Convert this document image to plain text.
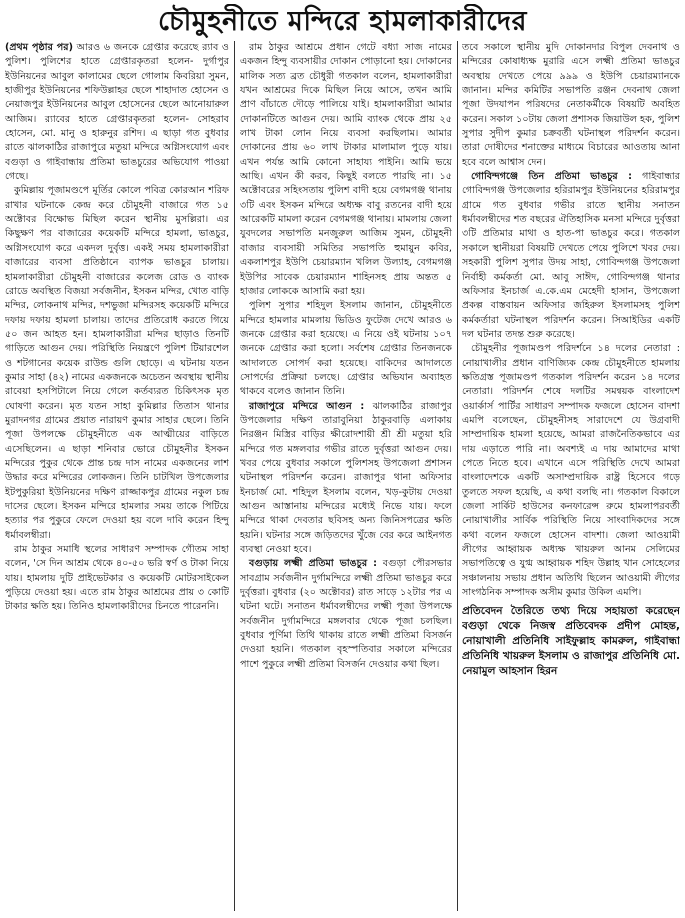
চৌমুহনীতে মন্দিরে হামলাকারীদের

(প্রথম পৃষ্ঠার পর) আরও ৬ জনকে গ্রেপ্তার করেছে র‌্যাব ও পুলিশ। পুলিশের হাতে গ্রেপ্তারকৃতরা হলেন- দুর্গাপুর ইউনিয়নের আবুল কালামের ছেলে গোলাম কিবরিয়া সুমন, হাজীপুর ইউনিয়নের শফিউল্লাহর ছেলে শাহাদাত হোসেন ও নেয়াজপুর ইউনিয়নের আবুল হোসেনের ছেলে আনোয়ারুল আজিম। র‌্যাবের হাতে গ্রেপ্তারকৃতরা হলেন- সোহরাব হোসেন, মো. মানু ও হারুনুর রশিদ। এ ছাড়া গত বুধবার রাতে ঝালকাঠির রাজাপুরে মতুয়া মন্দিরে অগ্নিসংযোগ এবং বগুড়া ও গাইবান্ধায় প্রতিমা ভাঙচুরের অভিযোগ পাওয়া গেছে।

কুমিল্লায় পূজামণ্ডপে মূর্তির কোলে পবিত্র কোরআন শরিফ রাখার ঘটনাকে কেন্দ্র করে চৌমুহনী বাজারে গত ১৫ অক্টোবর বিক্ষোভ মিছিল করেন স্থানীয় মুসল্লিরা। এর কিছুক্ষণ পর বাজারের কয়েকটি মন্দিরে হামলা, ভাঙচুর, অগ্নিসংযোগ করে একদল দুর্বৃত্ত। একই সময় হামলাকারীরা বাজারের ব্যবসা প্রতিষ্ঠানে ব্যাপক ভাঙচুর চালায়। হামলাকারীরা চৌমুহনী বাজারের কলেজ রোড ও ব্যাংক রোডে অবস্থিত বিজয়া সর্বজনীন, ইসকন মন্দির, খোত বাড়ি মন্দির, লোকনাথ মন্দির, দশভুজা মন্দিরসহ কয়েকটি মন্দিরে দফায় দফায় হামলা চালায়। তাদের প্রতিরোধ করতে গিয়ে ৫০ জন আহত হন। হামলাকারীরা মন্দির ছাড়াও তিনটি গাড়িতে আগুন দেয়। পরিস্থিতি নিয়ন্ত্রণে পুলিশ টিয়ারশেল ও শটগানের কয়েক রাউন্ড গুলি ছোড়ে। এ ঘটনায় যতন কুমার সাহা (৪২) নামের একজনকে অচেতন অবস্থায় স্থানীয় রাবেয়া হসপিটালে নিয়ে গেলে কর্তব্যরত চিকিৎসক মৃত ঘোষণা করেন। মৃত যতন সাহা কুমিল্লার তিতাস থানার মুরাদনগর গ্রামের প্রয়াত নারায়ণ কুমার সাহার ছেলে। তিনি পূজা উপলক্ষে চৌমুহনীতে এক আত্মীয়ের বাড়িতে এসেছিলেন। এ ছাড়া শনিবার ভোরে চৌমুহনীর ইসকন মন্দিরের পুকুর থেকে প্রান্ত চন্দ্র দাস নামের একজনের লাশ উদ্ধার করে মন্দিরের লোকজন। তিনি চাটখিল উপজেলার ইটপুকুরিয়া ইউনিয়নের দক্ষিণ রাজ্জাকপুর গ্রামের নকুল চন্দ্র দাসের ছেলে। ইসকন মন্দিরে হামলার সময় তাকে পিটিয়ে হত্যার পর পুকুরে ফেলে দেওয়া হয় বলে দাবি করেন হিন্দু ধর্মাবলম্বীরা।

রাম ঠাকুর সমাধি স্থলের সাধারণ সম্পাদক গৌতম সাহা বলেন, 'সে দিন আশ্রম থেকে ৪০-৫০ ভরি স্বর্ণ ও টাকা নিয়ে যায়। হামলায় দুটি প্রাইভেটকার ও কয়েকটি মোটরসাইকেল পুড়িয়ে দেওয়া হয়। এতে রাম ঠাকুর আশ্রমের প্রায় ৩ কোটি টাকার ক্ষতি হয়। তিনিও হামলাকারীদের চিনতে পারেননি।

রাম ঠাকুর আশ্রমে প্রধান গেটে বধ্যা সাজ নামের একজন হিন্দু ব্যবসায়ীর দোকান পোড়ানো হয়। দোকানের মালিক সত্য ব্রত চৌধুরী গতকাল বলেন, হামলাকারীরা যখন আশ্রমের দিকে মিছিল নিয়ে আসে, তখন আমি প্রাণ বাঁচাতে দৌড়ে পালিয়ে যাই। হামলাকারীরা আমার দোকানটিতে আগুন দেয়। আমি ব্যাংক থেকে প্রায় ২৫ লাখ টাকা লোন নিয়ে ব্যবসা করছিলাম। আমার দোকানের প্রায় ৬০ লাখ টাকার মালামাল পুড়ে যায়। এখন পর্যন্ত আমি কোনো সাহায্য পাইনি। আমি ভয়ে আছি। এখন কী করব, কিছুই বলতে পারছি না। ১৫ অক্টোবরের সহিংসতায় পুলিশ বাদী হয়ে বেগমগঞ্জ থানায় ৩টি এবং ইসকন মন্দিরে অধ্যক্ষ বাবু রতনের বাদী হয়ে আরেকটি মামলা করেন বেগমগঞ্জ থানায়। মামলায় জেলা যুবদলের সভাপতি মনজুরুল আজিম সুমন, চৌমুহনী বাজার ব্যবসায়ী সমিতির সভাপতি হুমায়ুন কবির, একলাশপুর ইউপি চেয়ারম্যান খলিল উল্যাহ, বেগমগঞ্জ ইউপির সাবেক চেয়ারম্যান শাহিনসহ প্রায় অন্তত ৫ হাজার লোককে আসামি করা হয়।

পুলিশ সুপার শহিদুল ইসলাম জানান, চৌমুহনীতে মন্দিরে হামলার মামলায় ভিডিও ফুটেজ দেখে আরও ৬ জনকে গ্রেপ্তার করা হয়েছে। এ নিয়ে ওই ঘটনায় ১০৭ জনকে গ্রেপ্তার করা হলো। সর্বশেষ গ্রেপ্তার তিনজনকে আদালতে সোপর্দ করা হয়েছে। বাকিদের আদালতে সোপর্দের প্রক্রিয়া চলছে। গ্রেপ্তার অভিযান অব্যাহত থাকবে বলেও জানান তিনি।

রাজাপুরে মন্দিরে আগুন : ঝালকাঠির রাজাপুর উপজেলার দক্ষিণ তারাবুনিয়া ঠাকুরবাড়ি এলাকায় নিরঞ্জন মিস্ত্রির বাড়ির ক্ষীরোদশায়ী শ্রী শ্রী মতুয়া হরি মন্দিরে গত মঙ্গলবার গভীর রাতে দুর্বৃত্তরা আগুন দেয়। খবর পেয়ে বুধবার সকালে পুলিশসহ উপজেলা প্রশাসন ঘটনাস্থল পরিদর্শন করেন। রাজাপুর থানা অফিসার ইনচার্জ মো. শহিদুল ইসলাম বলেন, খড়-কুটায় দেওয়া আগুন আস্তানায় মন্দিরের মধ্যেই নিভে যায়। ফলে মন্দিরে থাকা দেবতার ছবিসহ অন্য জিনিসপত্রের ক্ষতি হয়নি। ঘটনার সঙ্গে জড়িতদের খুঁজে বের করে আইনগত ব্যবস্থা নেওয়া হবে।

বগুড়ায় লক্ষ্মী প্রতিমা ভাঙচুর : বগুড়া পৌরসভার সাবগ্রাম সর্বজনীন দুর্গামন্দিরে লক্ষ্মী প্রতিমা ভাঙচুর করে দুর্বৃত্তরা। বুধবার (২০ অক্টোবর) রাত সাড়ে ১২টার পর এ ঘটনা ঘটে। সনাতন ধর্মাবলম্বীদের লক্ষ্মী পূজা উপলক্ষে সর্বজনীন দুর্গামন্দিরে মঙ্গলবার থেকে পূজা চলছিল। বুধবার পূর্ণিমা তিথি থাকায় রাতে লক্ষ্মী প্রতিমা বিসর্জন দেওয়া হয়নি। গতকাল বৃহস্পতিবার সকালে মন্দিরের পাশে পুকুরে লক্ষ্মী প্রতিমা বিসর্জন দেওয়ার কথা ছিল।

তবে সকালে স্থানীয় মুদি দোকানদার বিপুল দেবনাথ ও মন্দিরের কোষাধ্যক্ষ মুরারি এসে লক্ষ্মী প্রতিমা ভাঙচুর অবস্থায় দেখতে পেয়ে ৯৯৯ ও ইউপি চেয়ারম্যানকে জানান। মন্দির কমিটির সভাপতি রঞ্জন দেবনাথ জেলা পূজা উদযাপন পরিষদের নেতাকর্মীকে বিষয়টি অবহিত করেন। সকাল ১০টায় জেলা প্রশাসক জিয়াউল হক, পুলিশ সুপার সুদীপ কুমার চক্রবর্তী ঘটনাস্থল পরিদর্শন করেন। তারা দোষীদের শনাক্তের মাধ্যমে বিচারের আওতায় আনা হবে বলে আশ্বাস দেন।

গোবিন্দগঞ্জে তিন প্রতিমা ভাঙচুর : গাইবান্ধার গোবিন্দগঞ্জ উপজেলার হরিরামপুর ইউনিয়নের হরিরামপুর গ্রামে গত বুধবার গভীর রাতে স্থানীয় সনাতন ধর্মাবলম্বীদের শত বছরের ঐতিহাসিক মনসা মন্দিরে দুর্বৃত্তরা ৩টি প্রতিমার মাথা ও হাত-পা ভাঙচুর করে। গতকাল সকালে স্থানীয়রা বিষয়টি দেখতে পেয়ে পুলিশে খবর দেয়। সহকারী পুলিশ সুপার উদয় সাহা, গোবিন্দগঞ্জ উপজেলা নির্বাহী কর্মকর্তা মো. আবু সাঈদ, গোবিন্দগঞ্জ থানার অফিসার ইনচার্জ এ.কে.এম মেহেদী হাসান, উপজেলা প্রকল্প বাস্তবায়ন অফিসার জহিরুল ইসলামসহ পুলিশ কর্মকর্তারা ঘটনাস্থল পরিদর্শন করেন। সিআইডির একটি দল ঘটনার তদন্ত শুরু করেছে।

চৌমুহনীর পূজামণ্ডপ পরিদর্শনে ১৪ দলের নেতারা : নোয়াখালীর প্রধান বাণিজ্যিক কেন্দ্র চৌমুহনীতে হামলায় ক্ষতিগ্রস্ত পূজামণ্ডপ গতকাল পরিদর্শন করেন ১৪ দলের নেতারা। পরিদর্শন শেষে দলটির সমন্বয়ক বাংলাদেশ ওয়ার্কার্স পার্টির সাধারণ সম্পাদক ফজলে হোসেন বাদশা এমপি বলেছেন, চৌমুহনীসহ সারাদেশে যে উগ্রবাদী সাম্প্রদায়িক হামলা হয়েছে, আমরা রাজনৈতিকভাবে এর দায় এড়াতে পারি না। অবশ্যই এ দায় আমাদের মাথা পেতে নিতে হবে। এখানে এসে পরিস্থিতি দেখে আমরা বাংলাদেশকে একটি অসাম্প্রদায়িক রাষ্ট্র হিসেবে গড়ে তুলতে সফল হয়েছি, এ কথা বলছি না। গতকাল বিকালে জেলা সার্কিট হাউসের কনফারেন্স রুমে হামলাপরবর্তী নোয়াখালীর সার্বিক পরিস্থিতি নিয়ে সাংবাদিকদের সঙ্গে কথা বলেন ফজলে হোসেন বাদশা। জেলা আওয়ামী লীগের আহ্বায়ক অধ্যক্ষ খায়রুল আনম সেলিমের সভাপতিত্বে ও যুগ্ম আহ্বায়ক শহিদ উল্লাহ খান সোহেলের সঞ্চালনায় সভায় প্রধান অতিথি ছিলেন আওয়ামী লীগের সাংগঠনিক সম্পাদক অসীম কুমার উকিল এমপি।

প্রতিবেদন তৈরিতে তথ্য দিয়ে সহায়তা করেছেন বগুড়া থেকে নিজস্ব প্রতিবেদক প্রদীপ মোহন্ত, নোয়াখালী প্রতিনিধি সাইফুল্লাহ কামরুল, গাইবান্ধা প্রতিনিধি খায়রুল ইসলাম ও রাজাপুর প্রতিনিধি মো. নেয়ামুল আহসান হিরন
